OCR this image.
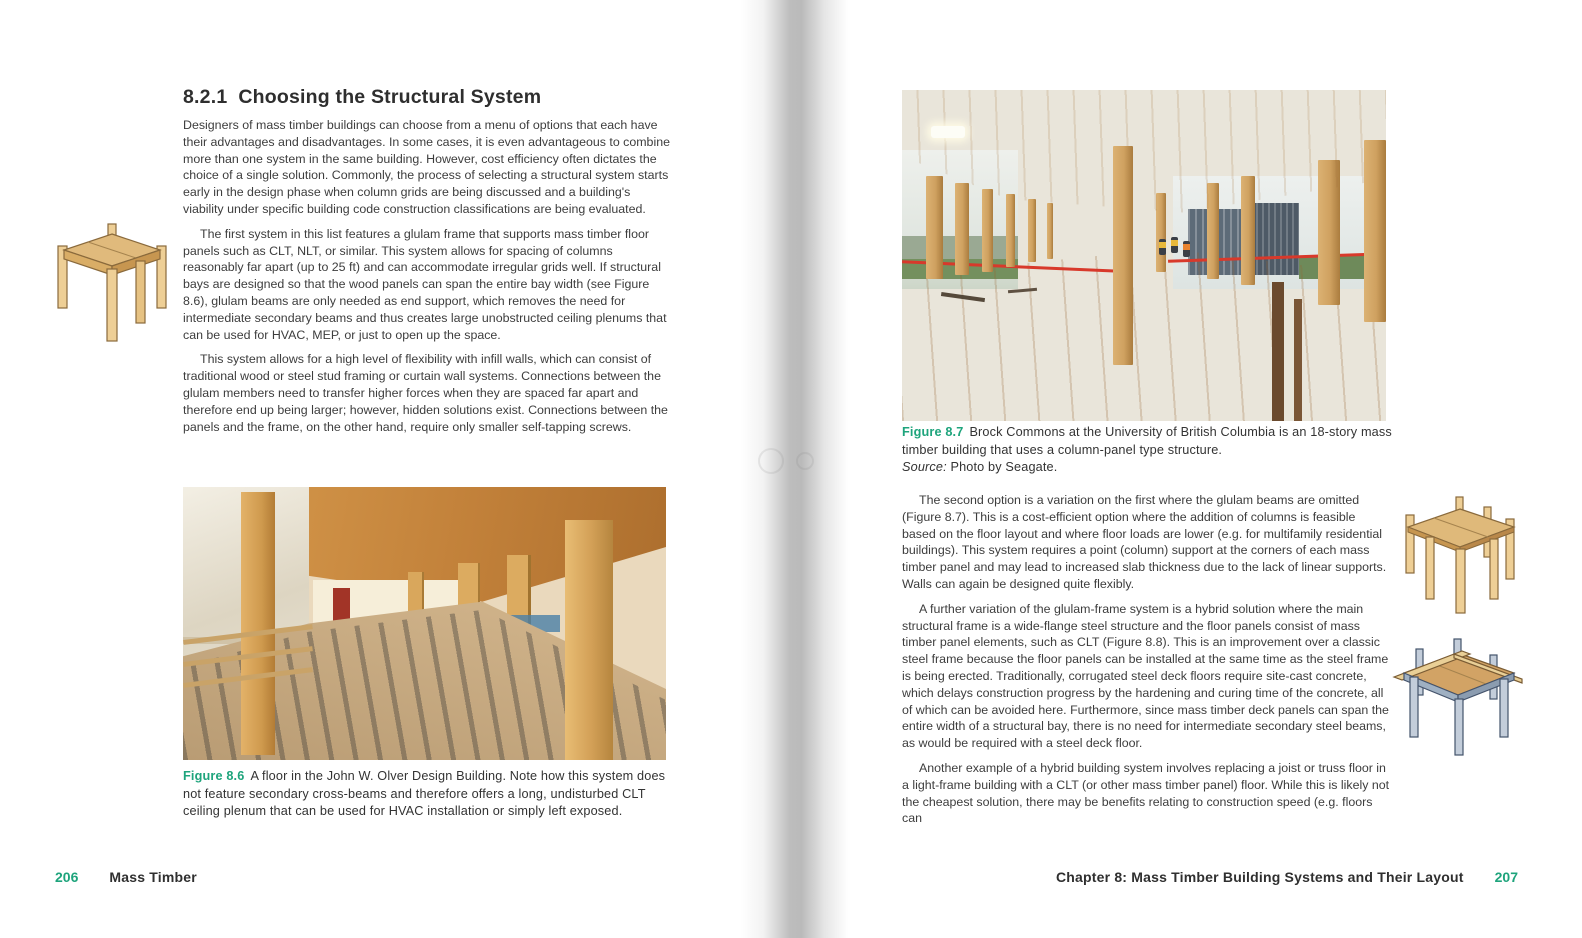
8.2.1 Choosing the Structural System

Designers of mass timber buildings can choose from a menu of options that each have their advantages and disadvantages. In some cases, it is even advantageous to combine more than one system in the same building. However, cost efficiency often dictates the choice of a single solution. Commonly, the process of selecting a structural system starts early in the design phase when column grids are being discussed and a building's viability under specific building code construction classifications are being evaluated.

The first system in this list features a glulam frame that supports mass timber floor panels such as CLT, NLT, or similar. This system allows for spacing of columns reasonably far apart (up to 25 ft) and can accommodate irregular grids well. If structural bays are designed so that the wood panels can span the entire bay width (see Figure 8.6), glulam beams are only needed as end support, which removes the need for intermediate secondary beams and thus creates large unobstructed ceiling plenums that can be used for HVAC, MEP, or just to open up the space.

This system allows for a high level of flexibility with infill walls, which can consist of traditional wood or steel stud framing or curtain wall systems. Connections between the glulam members need to transfer higher forces when they are spaced far apart and therefore end up being larger; however, hidden solutions exist. Connections between the panels and the frame, on the other hand, require only smaller self-tapping screws.

Figure 8.6 A floor in the John W. Olver Design Building. Note how this system does not feature secondary cross-beams and therefore offers a long, undisturbed CLT ceiling plenum that can be used for HVAC installation or simply left exposed.
206 Mass Timber
Figure 8.7 Brock Commons at the University of British Columbia is an 18-story mass timber building that uses a column-panel type structure.
Source: Photo by Seagate.

The second option is a variation on the first where the glulam beams are omitted (Figure 8.7). This is a cost-efficient option where the addition of columns is feasible based on the floor layout and where floor loads are lower (e.g. for multifamily residential buildings). This system requires a point (column) support at the corners of each mass timber panel and may lead to increased slab thickness due to the lack of linear supports. Walls can again be designed quite flexibly.

A further variation of the glulam-frame system is a hybrid solution where the main structural frame is a wide-flange steel structure and the floor panels consist of mass timber panel elements, such as CLT (Figure 8.8). This is an improvement over a classic steel frame because the floor panels can be installed at the same time as the steel frame is being erected. Traditionally, corrugated steel deck floors require site-cast concrete, which delays construction progress by the hardening and curing time of the concrete, all of which can be avoided here. Furthermore, since mass timber deck panels can span the entire width of a structural bay, there is no need for intermediate secondary steel beams, as would be required with a steel deck floor.

Another example of a hybrid building system involves replacing a joist or truss floor in a light-frame building with a CLT (or other mass timber panel) floor. While this is likely not the cheapest solution, there may be benefits relating to construction speed (e.g. floors can

Chapter 8: Mass Timber Building Systems and Their Layout 207
